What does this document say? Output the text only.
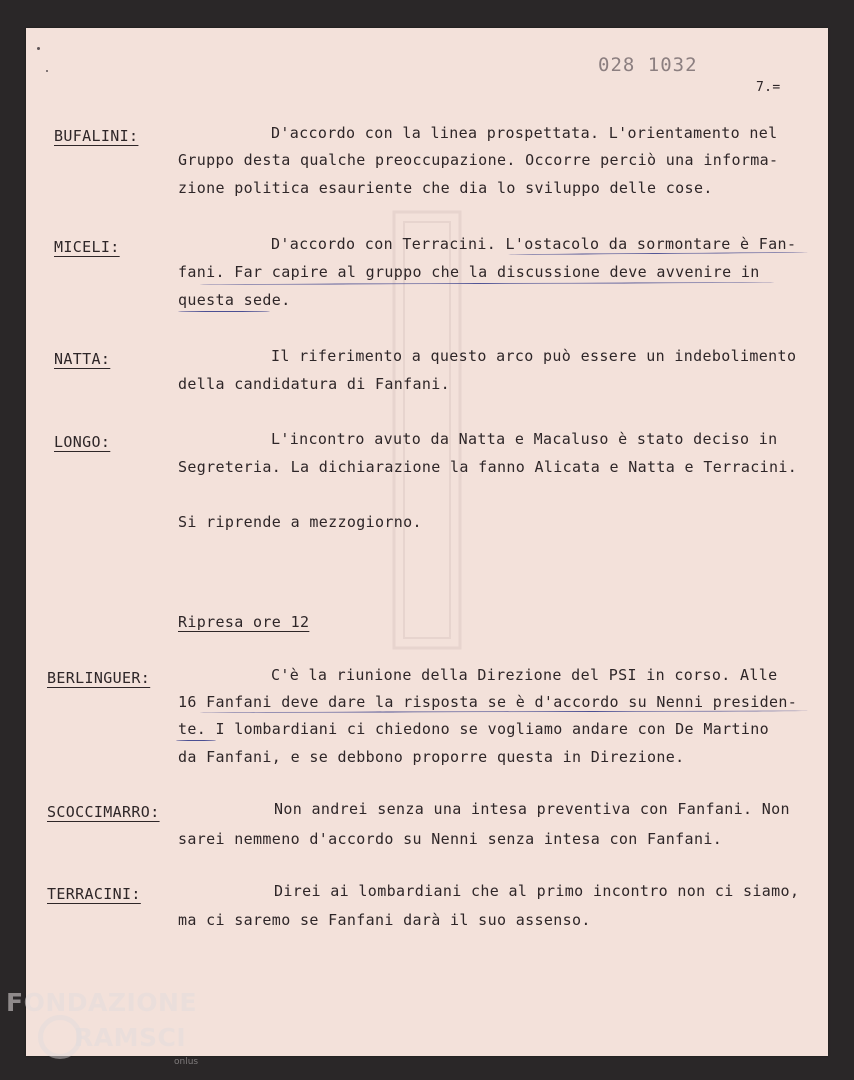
028 1032
7.=
BUFALINI:	D'accordo con la linea prospettata. L'orientamento nel
Gruppo desta qualche preoccupazione. Occorre perciò una informa-
zione politica esauriente che dia lo sviluppo delle cose.
MICELI:	D'accordo con Terracini. L'ostacolo da sormontare è Fan-
fani. Far capire al gruppo che la discussione deve avvenire in
questa sede.
NATTA:	Il riferimento a questo arco può essere un indebolimento
della candidatura di Fanfani.
LONGO:	L'incontro avuto da Natta e Macaluso è stato deciso in
Segreteria. La dichiarazione la fanno Alicata e Natta e Terracini.
Si riprende a mezzogiorno.
Ripresa ore 12
BERLINGUER:	C'è la riunione della Direzione del PSI in corso. Alle
16 Fanfani deve dare la risposta se è d'accordo su Nenni presiden-
te. I lombardiani ci chiedono se vogliamo andare con De Martino
da Fanfani, e se debbono proporre questa in Direzione.
SCOCCIMARRO:	Non andrei senza una intesa preventiva con Fanfani. Non
sarei nemmeno d'accordo su Nenni senza intesa con Fanfani.
TERRACINI:	Direi ai lombardiani che al primo incontro non ci siamo,
ma ci saremo se Fanfani darà il suo assenso.
FONDAZIONE
RAMSCI
onlus
